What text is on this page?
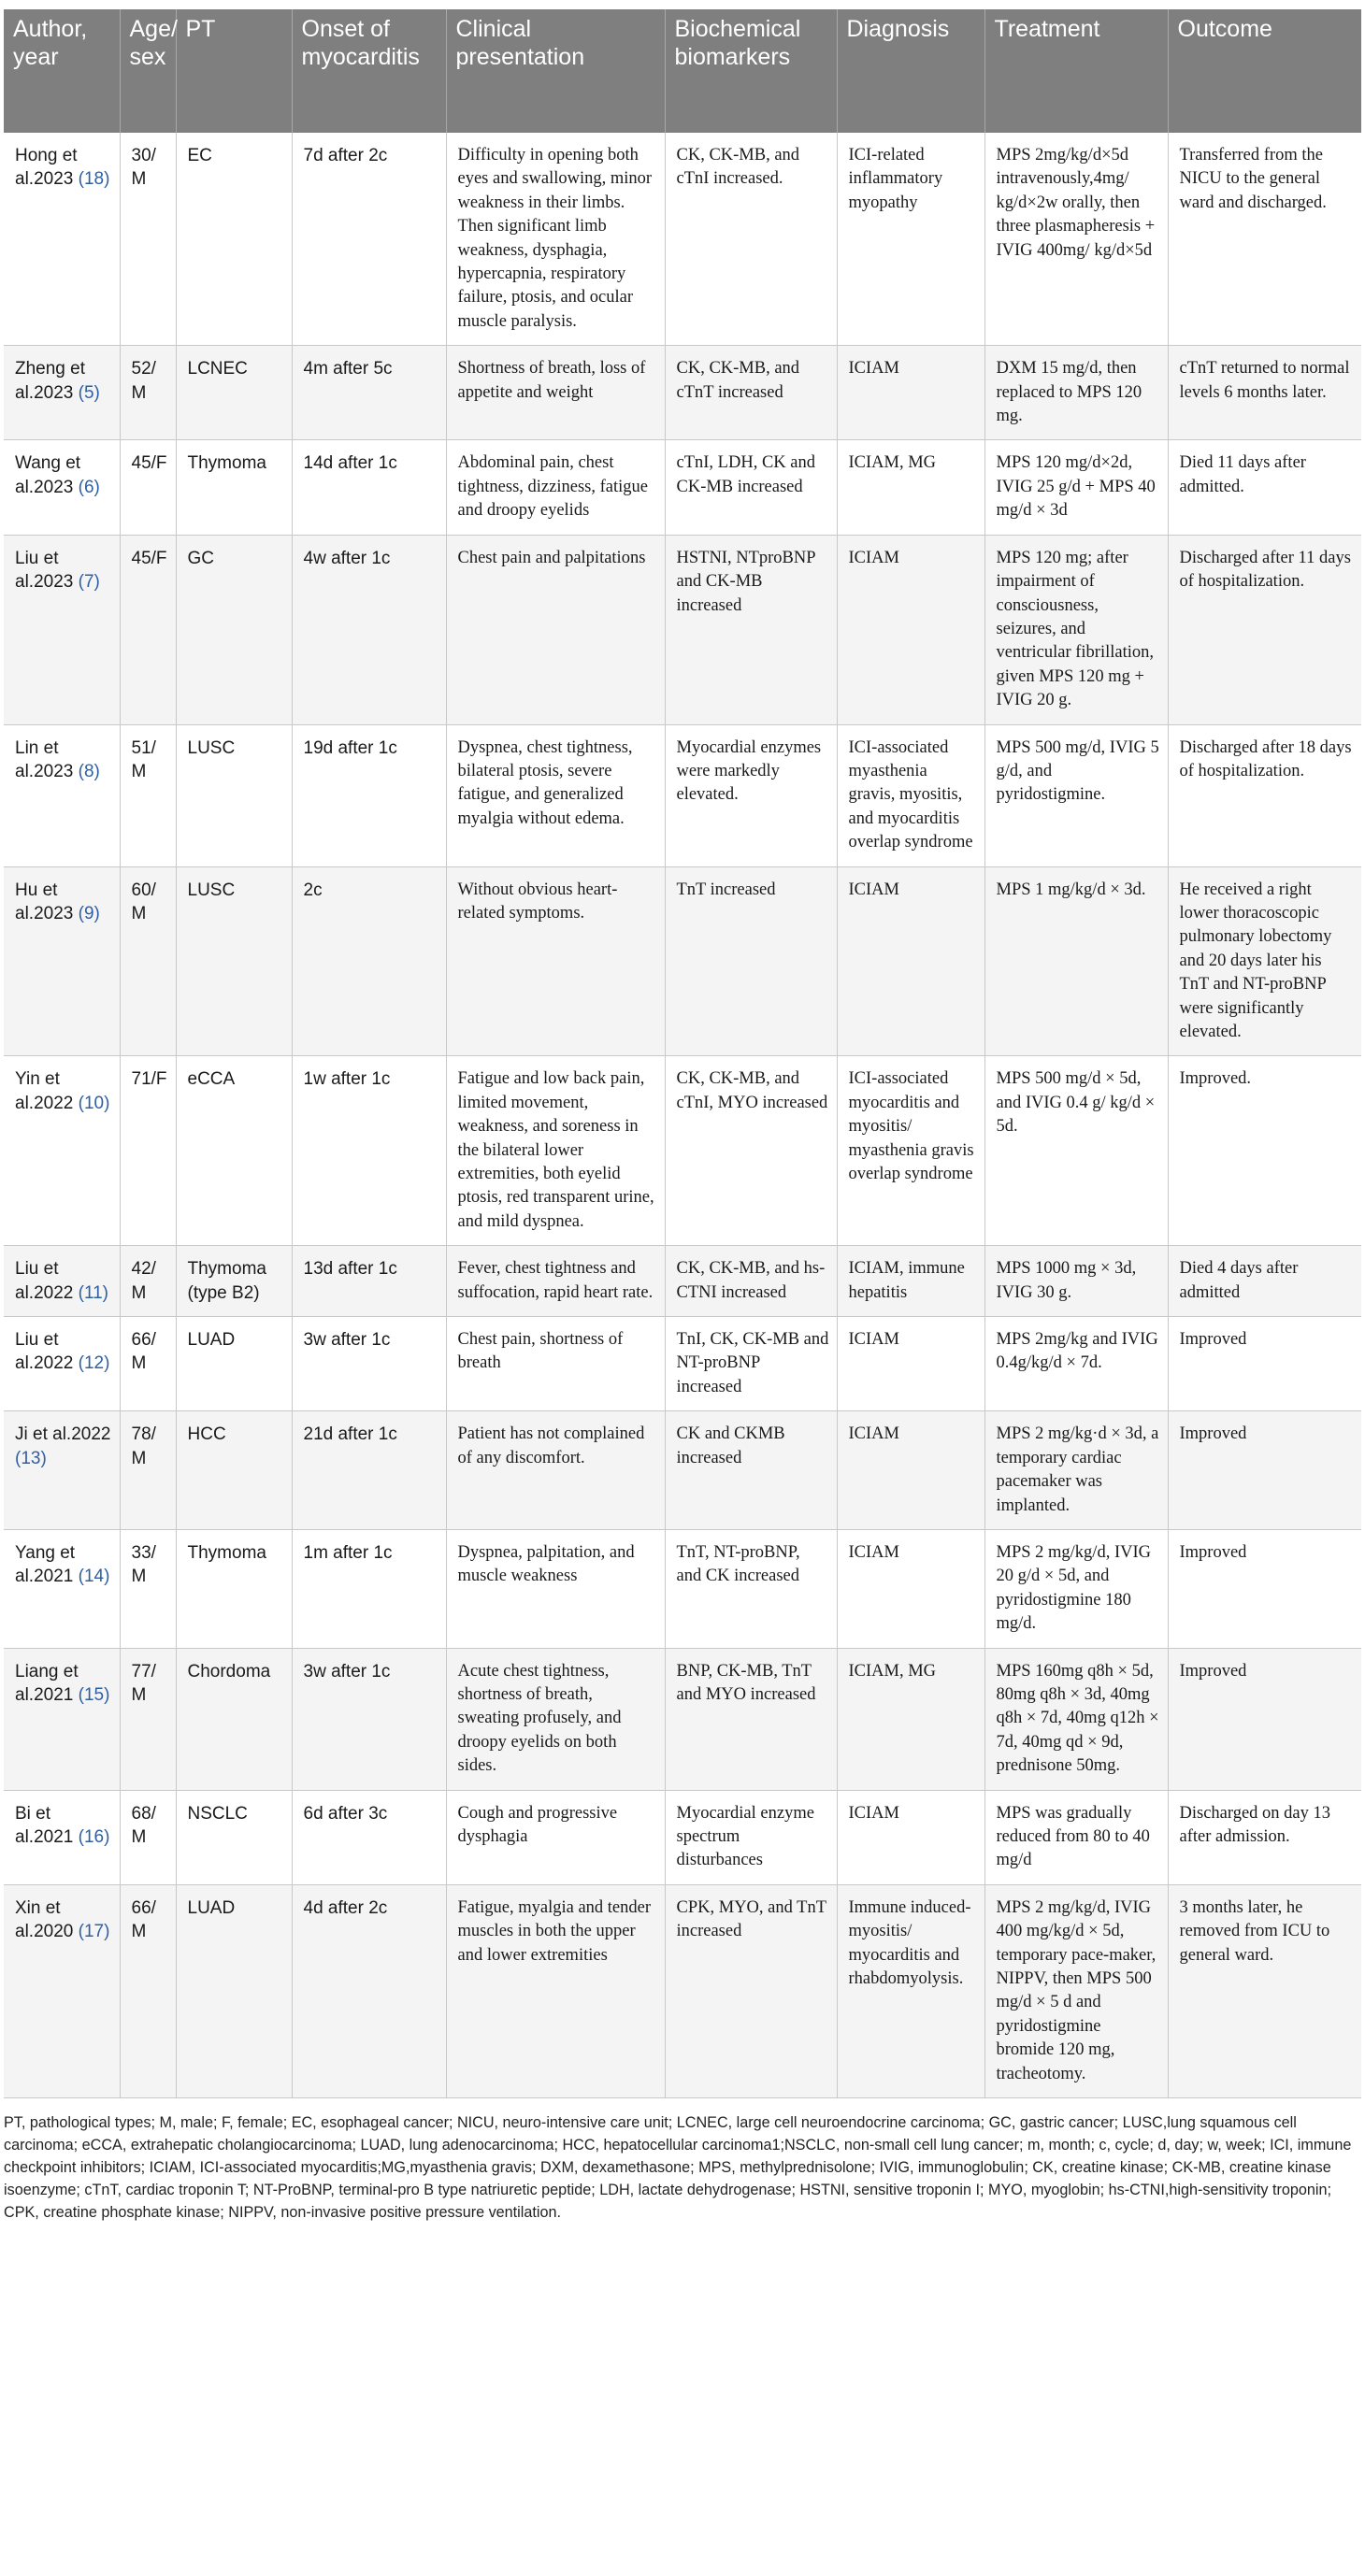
Author, year	Age/ sex	PT	Onset of myocarditis	Clinical presentation	Biochemical biomarkers	Diagnosis	Treatment	Outcome
Hong et al.2023 (18)	30/M	EC	7d after 2c	Difficulty in opening both eyes and swallowing, minor weakness in their limbs. Then significant limb weakness, dysphagia, hypercapnia, respiratory failure, ptosis, and ocular muscle paralysis.	CK, CK-MB, and cTnI increased.	ICI-related inflammatory myopathy	MPS 2mg/kg/d×5d intravenously,4mg/ kg/d×2w orally, then three plasmapheresis + IVIG 400mg/ kg/d×5d	Transferred from the NICU to the general ward and discharged.
Zheng et al.2023 (5)	52/M	LCNEC	4m after 5c	Shortness of breath, loss of appetite and weight	CK, CK-MB, and cTnT increased	ICIAM	DXM 15 mg/d, then replaced to MPS 120 mg.	cTnT returned to normal levels 6 months later.
Wang et al.2023 (6)	45/F	Thymoma	14d after 1c	Abdominal pain, chest tightness, dizziness, fatigue and droopy eyelids	cTnI, LDH, CK and CK-MB increased	ICIAM, MG	MPS 120 mg/d×2d, IVIG 25 g/d + MPS 40 mg/d × 3d	Died 11 days after admitted.
Liu et al.2023 (7)	45/F	GC	4w after 1c	Chest pain and palpitations	HSTNI, NTproBNP and CK-MB increased	ICIAM	MPS 120 mg; after impairment of consciousness, seizures, and ventricular fibrillation, given MPS 120 mg + IVIG 20 g.	Discharged after 11 days of hospitalization.
Lin et al.2023 (8)	51/M	LUSC	19d after 1c	Dyspnea, chest tightness, bilateral ptosis, severe fatigue, and generalized myalgia without edema.	Myocardial enzymes were markedly elevated.	ICI-associated myasthenia gravis, myositis, and myocarditis overlap syndrome	MPS 500 mg/d, IVIG 5 g/d, and pyridostigmine.	Discharged after 18 days of hospitalization.
Hu et al.2023 (9)	60/M	LUSC	2c	Without obvious heart-related symptoms.	TnT increased	ICIAM	MPS 1 mg/kg/d × 3d.	He received a right lower thoracoscopic pulmonary lobectomy and 20 days later his TnT and NT-proBNP were significantly elevated.
Yin et al.2022 (10)	71/F	eCCA	1w after 1c	Fatigue and low back pain, limited movement, weakness, and soreness in the bilateral lower extremities, both eyelid ptosis, red transparent urine, and mild dyspnea.	CK, CK-MB, and cTnI, MYO increased	ICI-associated myocarditis and myositis/ myasthenia gravis overlap syndrome	MPS 500 mg/d × 5d, and IVIG 0.4 g/ kg/d × 5d.	Improved.
Liu et al.2022 (11)	42/M	Thymoma (type B2)	13d after 1c	Fever, chest tightness and suffocation, rapid heart rate.	CK, CK-MB, and hs-CTNI increased	ICIAM, immune hepatitis	MPS 1000 mg × 3d, IVIG 30 g.	Died 4 days after admitted
Liu et al.2022 (12)	66/M	LUAD	3w after 1c	Chest pain, shortness of breath	TnI, CK, CK-MB and NT-proBNP increased	ICIAM	MPS 2mg/kg and IVIG 0.4g/kg/d × 7d.	Improved
Ji et al.2022 (13)	78/M	HCC	21d after 1c	Patient has not complained of any discomfort.	CK and CKMB increased	ICIAM	MPS 2 mg/kg·d × 3d, a temporary cardiac pacemaker was implanted.	Improved
Yang et al.2021 (14)	33/M	Thymoma	1m after 1c	Dyspnea, palpitation, and muscle weakness	TnT, NT-proBNP, and CK increased	ICIAM	MPS 2 mg/kg/d, IVIG 20 g/d × 5d, and pyridostigmine 180 mg/d.	Improved
Liang et al.2021 (15)	77/M	Chordoma	3w after 1c	Acute chest tightness, shortness of breath, sweating profusely, and droopy eyelids on both sides.	BNP, CK-MB, TnT and MYO increased	ICIAM, MG	MPS 160mg q8h × 5d, 80mg q8h × 3d, 40mg q8h × 7d, 40mg q12h × 7d, 40mg qd × 9d, prednisone 50mg.	Improved
Bi et al.2021 (16)	68/M	NSCLC	6d after 3c	Cough and progressive dysphagia	Myocardial enzyme spectrum disturbances	ICIAM	MPS was gradually reduced from 80 to 40 mg/d	Discharged on day 13 after admission.
Xin et al.2020 (17)	66/M	LUAD	4d after 2c	Fatigue, myalgia and tender muscles in both the upper and lower extremities	CPK, MYO, and TnT increased	Immune induced-myositis/ myocarditis and rhabdomyolysis.	MPS 2 mg/kg/d, IVIG 400 mg/kg/d × 5d, temporary pace-maker, NIPPV, then MPS 500 mg/d × 5 d and pyridostigmine bromide 120 mg, tracheotomy.	3 months later, he removed from ICU to general ward.
PT, pathological types; M, male; F, female; EC, esophageal cancer; NICU, neuro-intensive care unit; LCNEC, large cell neuroendocrine carcinoma; GC, gastric cancer; LUSC,lung squamous cell carcinoma; eCCA, extrahepatic cholangiocarcinoma; LUAD, lung adenocarcinoma; HCC, hepatocellular carcinoma1;NSCLC, non-small cell lung cancer; m, month; c, cycle; d, day; w, week; ICI, immune checkpoint inhibitors; ICIAM, ICI-associated myocarditis;MG,myasthenia gravis; DXM, dexamethasone; MPS, methylprednisolone; IVIG, immunoglobulin; CK, creatine kinase; CK-MB, creatine kinase isoenzyme; cTnT, cardiac troponin T; NT-ProBNP, terminal-pro B type natriuretic peptide; LDH, lactate dehydrogenase; HSTNI, sensitive troponin I; MYO, myoglobin; hs-CTNI,high-sensitivity troponin; CPK, creatine phosphate kinase; NIPPV, non-invasive positive pressure ventilation.
